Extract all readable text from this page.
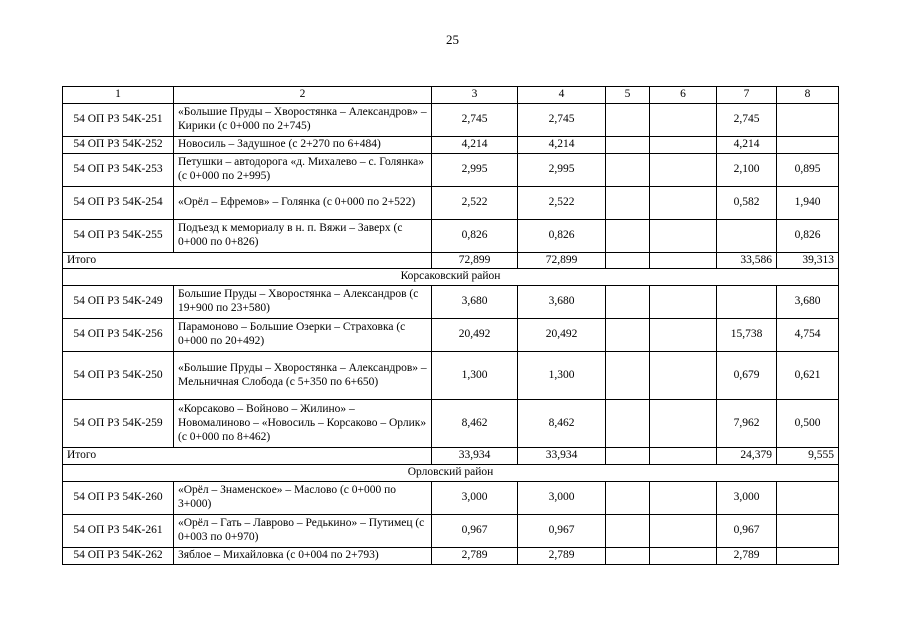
25
1	2	3	4	5	6	7	8
54 ОП РЗ 54К-251	«Большие Пруды – Хворостянка – Александров» – Кирики (с 0+000 по 2+745)	2,745	2,745			2,745	
54 ОП РЗ 54К-252	Новосиль – Задушное (с 2+270 по 6+484)	4,214	4,214			4,214	
54 ОП РЗ 54К-253	Петушки – автодорога «д. Михалево – с. Голянка» (с 0+000 по 2+995)	2,995	2,995			2,100	0,895
54 ОП РЗ 54К-254	«Орёл – Ефремов» – Голянка (с 0+000 по 2+522)	2,522	2,522			0,582	1,940
54 ОП РЗ 54К-255	Подъезд к мемориалу в н. п. Вяжи – Заверх (с 0+000 по 0+826)	0,826	0,826				0,826
Итого		72,899	72,899			33,586	39,313
Корсаковский район							
54 ОП РЗ 54К-249	Большие Пруды – Хворостянка – Александров (с 19+900 по 23+580)	3,680	3,680				3,680
54 ОП РЗ 54К-256	Парамоново – Большие Озерки – Страховка (с 0+000 по 20+492)	20,492	20,492			15,738	4,754
54 ОП РЗ 54К-250	«Большие Пруды – Хворостянка – Александров» – Мельничная Слобода (с 5+350 по 6+650)	1,300	1,300			0,679	0,621
54 ОП РЗ 54К-259	«Корсаково – Войново – Жилино» – Новомалиново – «Новосиль – Корсаково – Орлик» (с 0+000 по 8+462)	8,462	8,462			7,962	0,500
Итого		33,934	33,934			24,379	9,555
Орловский район							
54 ОП РЗ 54К-260	«Орёл – Знаменское» – Маслово (с 0+000 по 3+000)	3,000	3,000			3,000	
54 ОП РЗ 54К-261	«Орёл – Гать – Лаврово – Редькино» – Путимец (с 0+003 по 0+970)	0,967	0,967			0,967	
54 ОП РЗ 54К-262	Зяблое – Михайловка (с 0+004 по 2+793)	2,789	2,789			2,789	
